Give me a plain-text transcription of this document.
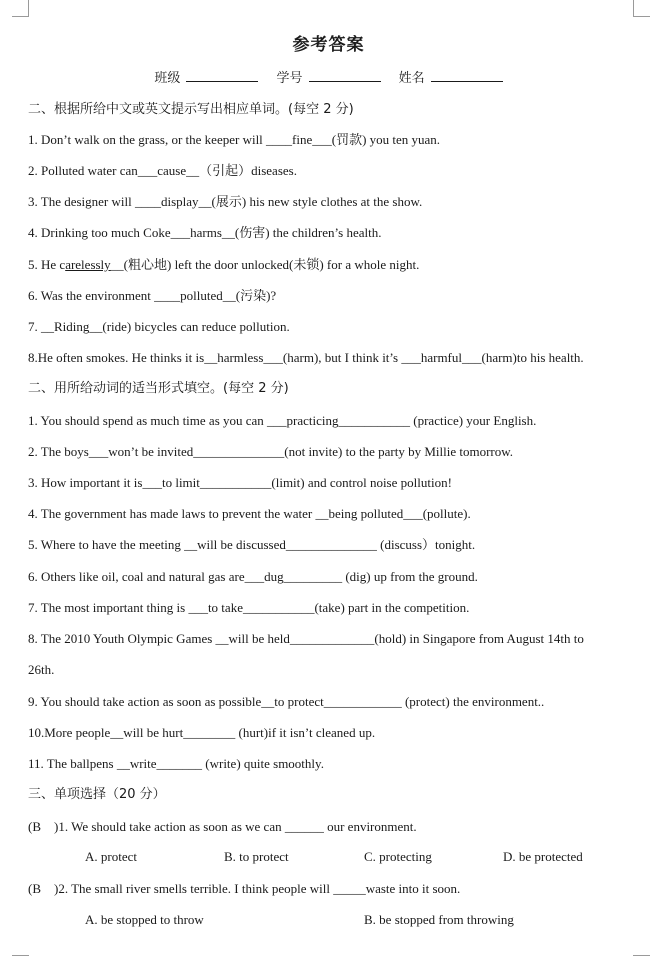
参考答案
班级	学号	姓名
二、根据所给中文或英文提示写出相应单词。(每空 2 分)
1. Don’t walk on the grass, or the keeper will ____fine___(罚款) you ten yuan.
2. Polluted water can___cause__（引起）diseases.
3. The designer will ____display__(展示) his new style clothes at the show.
4. Drinking too much Coke___harms__(伤害) the children’s health.
5. He carelessly__(粗心地) left the door unlocked(未锁) for a whole night.
6. Was the environment ____polluted__(污染)?
7. __Riding__(ride) bicycles can reduce pollution.
8.He often smokes. He thinks it is__harmless___(harm), but I think it’s ___harmful___(harm)to his health.
二、用所给动词的适当形式填空。(每空 2 分)
1. You should spend as much time as you can ___practicing___________ (practice) your English.
2. The boys___won’t be invited______________(not invite) to the party by Millie tomorrow.
3. How important it is___to limit___________(limit) and control noise pollution!
4. The government has made laws to prevent the water __being polluted___(pollute).
5. Where to have the meeting __will be discussed______________ (discuss）tonight.
6. Others like oil, coal and natural gas are___dug_________ (dig) up from the ground.
7. The most important thing is ___to take___________(take) part in the competition.
8. The 2010 Youth Olympic Games __will be held_____________(hold) in Singapore from August 14th to
26th.
9. You should take action as soon as possible__to protect____________ (protect) the environment..
10.More people__will be hurt________ (hurt)if it isn’t cleaned up.
11. The ballpens __write_______ (write) quite smoothly.
三、单项选择（20 分）
(B　)1. We should take action as soon as we can ______ our environment.
(B　)2. The small river smells terrible. I think people will _____waste into it soon.
A. protect	B. to protect	C. protecting	D. be protected
A. be stopped to throw	B. be stopped from throwing
